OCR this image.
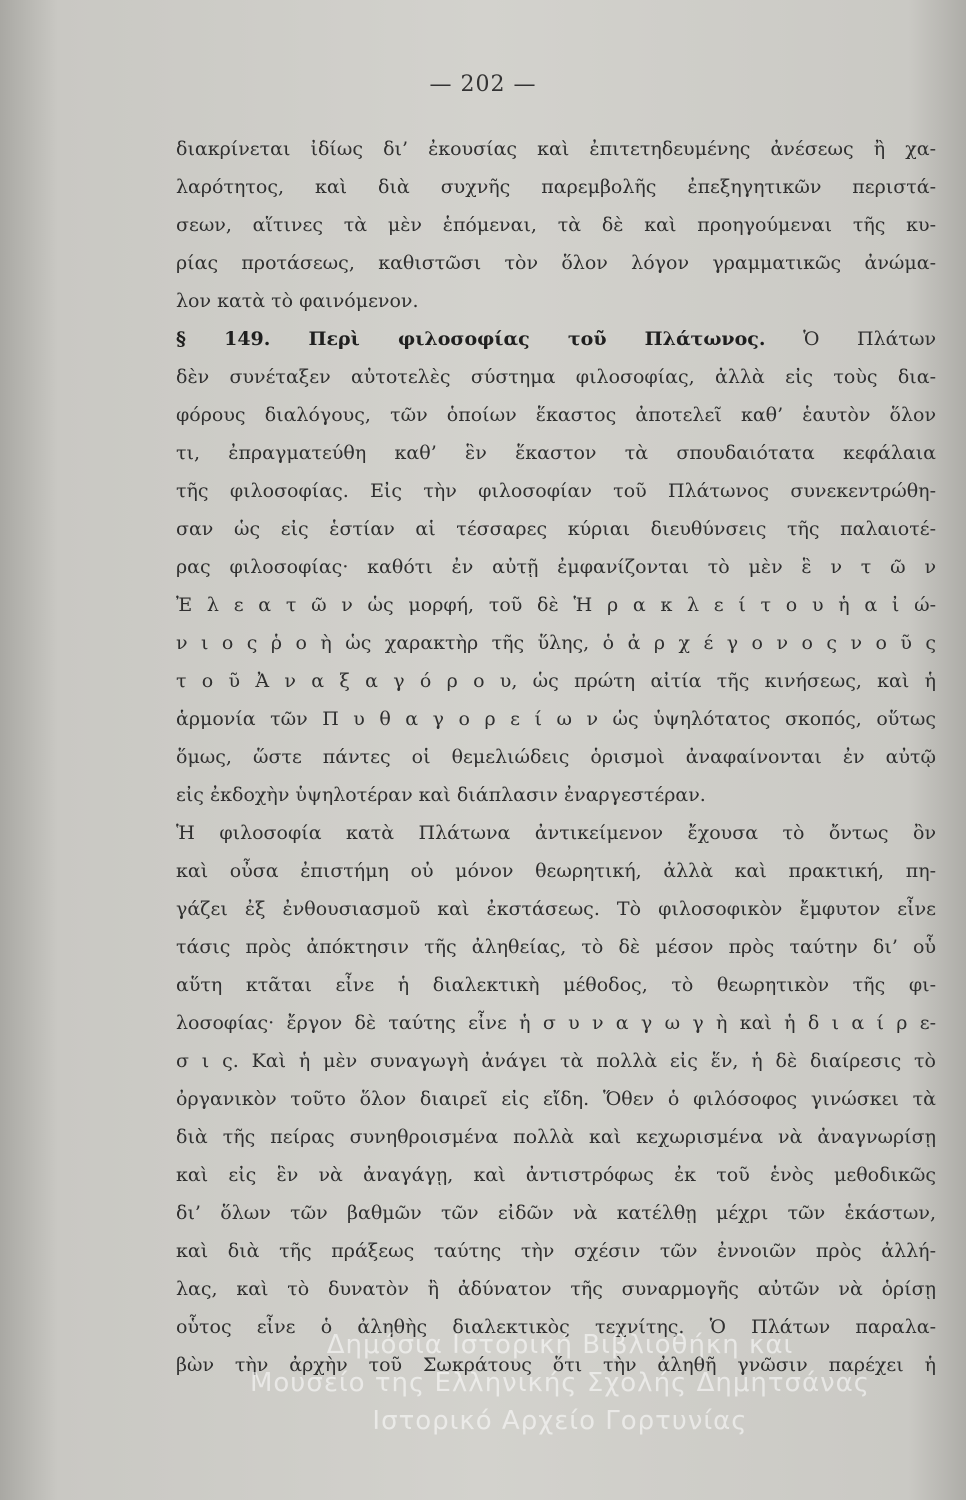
— 202 —
διακρίνεται ἰδίως δι’ ἐκουσίας καὶ ἐπιτετηδευμένης ἀνέσεως ἢ χα-
λαρότητος, καὶ διὰ συχνῆς παρεμβολῆς ἐπεξηγητικῶν περιστά-
σεων, αἵτινες τὰ μὲν ἑπόμεναι, τὰ δὲ καὶ προηγούμεναι τῆς κυ-
ρίας προτάσεως, καθιστῶσι τὸν ὅλον λόγον γραμματικῶς ἀνώμα-
λον κατὰ τὸ φαινόμενον.
§ 149. Περὶ φιλοσοφίας τοῦ Πλάτωνος. Ὁ Πλάτων
δὲν συνέταξεν αὐτοτελὲς σύστημα φιλοσοφίας, ἀλλὰ εἰς τοὺς δια-
φόρους διαλόγους, τῶν ὁποίων ἕκαστος ἀποτελεῖ καθ’ ἑαυτὸν ὅλον
τι, ἐπραγματεύθη καθ’ ἓν ἕκαστον τὰ σπουδαιότατα κεφάλαια
τῆς φιλοσοφίας. Εἰς τὴν φιλοσοφίαν τοῦ Πλάτωνος συνεκεντρώθη-
σαν ὡς εἰς ἑστίαν αἱ τέσσαρες κύριαι διευθύνσεις τῆς παλαιοτέ-
ρας φιλοσοφίας· καθότι ἐν αὐτῇ ἐμφανίζονται τὸ μὲν ἓ ν τ ῶ ν
Ἐ λ ε α τ ῶ ν ὡς μορφή, τοῦ δὲ Ἡ ρ α κ λ ε ί τ ο υ ἡ α ἰ ώ-
ν ι ο ς ῥ ο ὴ ὡς χαρακτὴρ τῆς ὕλης, ὁ ἀ ρ χ έ γ ο ν ο ς ν ο ῦ ς
τ ο ῦ Ἀ ν α ξ α γ ό ρ ο υ, ὡς πρώτη αἰτία τῆς κινήσεως, καὶ ἡ
ἁρμονία τῶν Π υ θ α γ ο ρ ε ί ω ν ὡς ὑψηλότατος σκοπός, οὕτως
ὅμως, ὥστε πάντες οἱ θεμελιώδεις ὁρισμοὶ ἀναφαίνονται ἐν αὐτῷ
εἰς ἐκδοχὴν ὑψηλοτέραν καὶ διάπλασιν ἐναργεστέραν.
Ἡ φιλοσοφία κατὰ Πλάτωνα ἀντικείμενον ἔχουσα τὸ ὄντως ὂν
καὶ οὖσα ἐπιστήμη οὐ μόνον θεωρητική, ἀλλὰ καὶ πρακτική, πη-
γάζει ἐξ ἐνθουσιασμοῦ καὶ ἐκστάσεως. Τὸ φιλοσοφικὸν ἔμφυτον εἶνε
τάσις πρὸς ἀπόκτησιν τῆς ἀληθείας, τὸ δὲ μέσον πρὸς ταύτην δι’ οὗ
αὕτη κτᾶται εἶνε ἡ διαλεκτικὴ μέθοδος, τὸ θεωρητικὸν τῆς φι-
λοσοφίας· ἔργον δὲ ταύτης εἶνε ἡ σ υ ν α γ ω γ ὴ καὶ ἡ δ ι α ί ρ ε-
σ ι ς. Καὶ ἡ μὲν συναγωγὴ ἀνάγει τὰ πολλὰ εἰς ἕν, ἡ δὲ διαίρεσις τὸ
ὀργανικὸν τοῦτο ὅλον διαιρεῖ εἰς εἴδη. Ὅθεν ὁ φιλόσοφος γινώσκει τὰ
διὰ τῆς πείρας συνηθροισμένα πολλὰ καὶ κεχωρισμένα νὰ ἀναγνωρίσῃ
καὶ εἰς ἓν νὰ ἀναγάγῃ, καὶ ἀντιστρόφως ἐκ τοῦ ἑνὸς μεθοδικῶς
δι’ ὅλων τῶν βαθμῶν τῶν εἰδῶν νὰ κατέλθῃ μέχρι τῶν ἑκάστων,
καὶ διὰ τῆς πράξεως ταύτης τὴν σχέσιν τῶν ἐννοιῶν πρὸς ἀλλή-
λας, καὶ τὸ δυνατὸν ἢ ἀδύνατον τῆς συναρμογῆς αὐτῶν νὰ ὁρίσῃ
οὗτος εἶνε ὁ ἀληθὴς διαλεκτικὸς τεχνίτης. Ὁ Πλάτων παραλα-
βὼν τὴν ἀρχὴν τοῦ Σωκράτους ὅτι τὴν ἀληθῆ γνῶσιν παρέχει ἡ
Δημόσια Ιστορική Βιβλιοθήκη και
Μουσείο της Ελληνικής Σχολής Δημητσάνας
Ιστορικό Αρχείο Γορτυνίας
